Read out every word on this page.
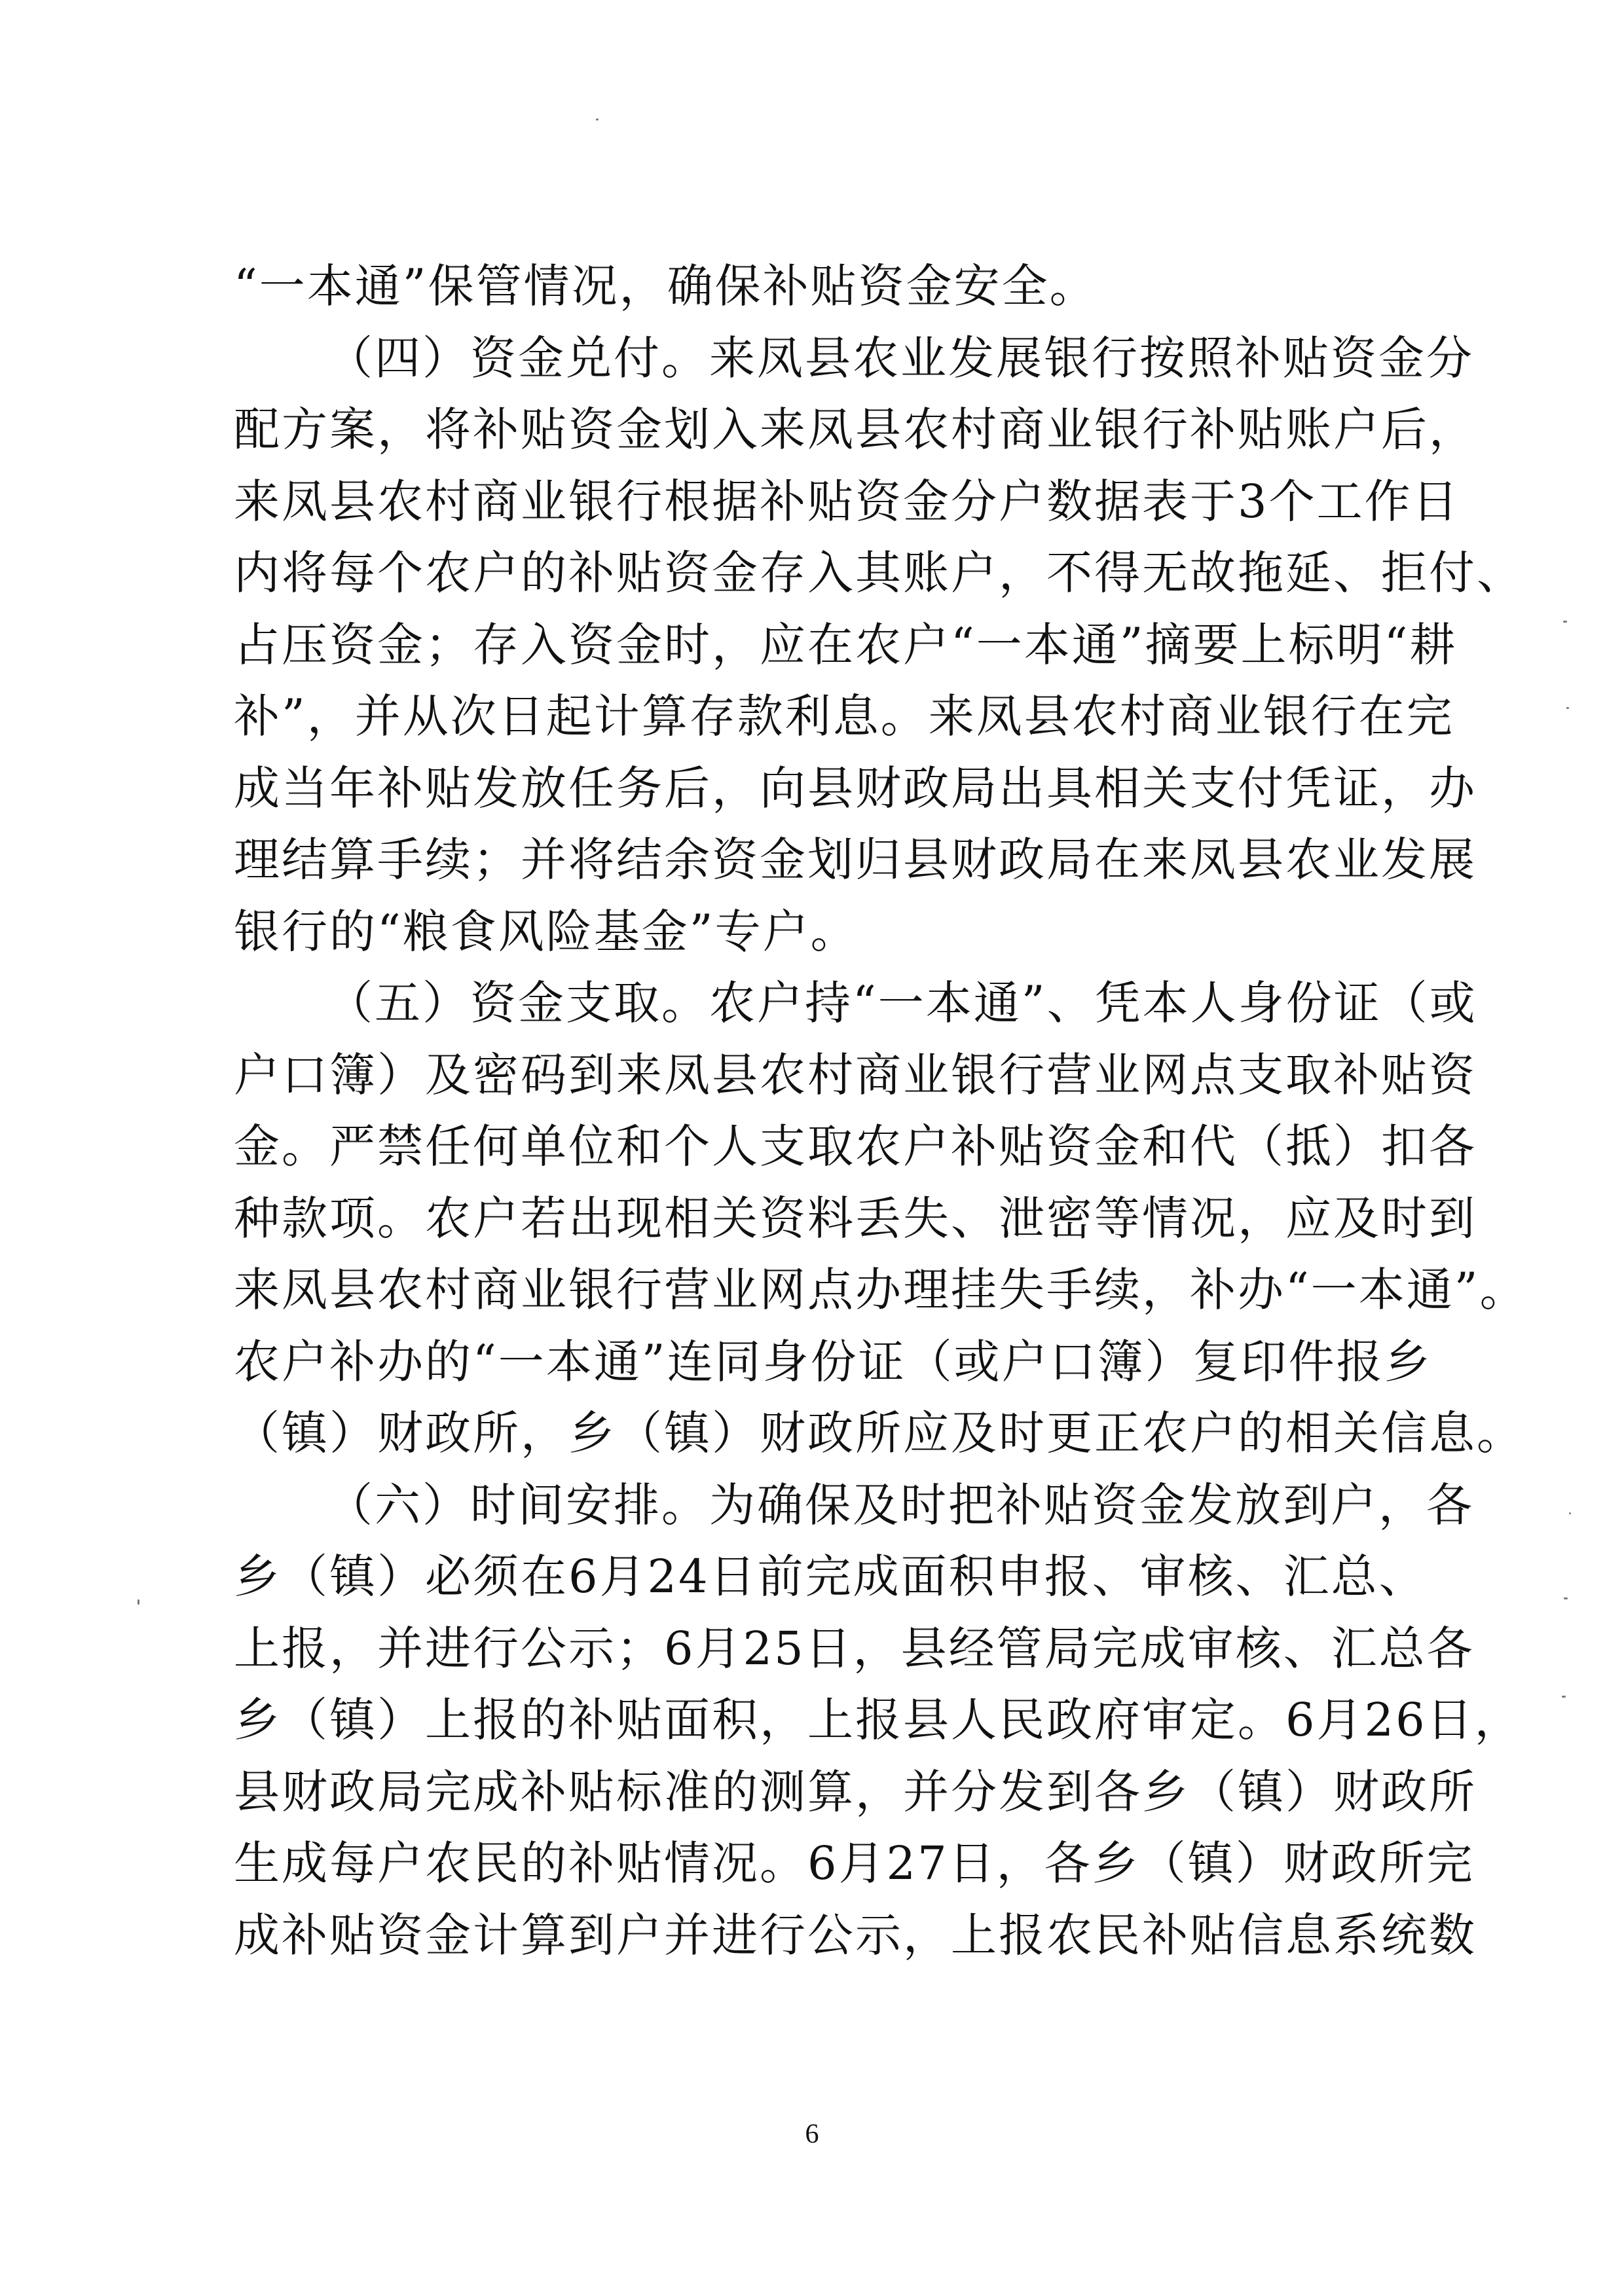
“一本通”保管情况，确保补贴资金安全。
（四）资金兑付。来凤县农业发展银行按照补贴资金分
配方案，将补贴资金划入来凤县农村商业银行补贴账户后，
来凤县农村商业银行根据补贴资金分户数据表于3个工作日
内将每个农户的补贴资金存入其账户，不得无故拖延、拒付、
占压资金；存入资金时，应在农户“一本通”摘要上标明“耕
补”，并从次日起计算存款利息。来凤县农村商业银行在完
成当年补贴发放任务后，向县财政局出具相关支付凭证，办
理结算手续；并将结余资金划归县财政局在来凤县农业发展
银行的“粮食风险基金”专户。
（五）资金支取。农户持“一本通”、凭本人身份证（或
户口簿）及密码到来凤县农村商业银行营业网点支取补贴资
金。严禁任何单位和个人支取农户补贴资金和代（抵）扣各
种款项。农户若出现相关资料丢失、泄密等情况，应及时到
来凤县农村商业银行营业网点办理挂失手续，补办“一本通”。
农户补办的“一本通”连同身份证（或户口簿）复印件报乡
（镇）财政所，乡（镇）财政所应及时更正农户的相关信息。
（六）时间安排。为确保及时把补贴资金发放到户，各
乡（镇）必须在6月24日前完成面积申报、审核、汇总、
上报，并进行公示；6月25日，县经管局完成审核、汇总各
乡（镇）上报的补贴面积，上报县人民政府审定。6月26日，
县财政局完成补贴标准的测算，并分发到各乡（镇）财政所
生成每户农民的补贴情况。6月27日，各乡（镇）财政所完
成补贴资金计算到户并进行公示，上报农民补贴信息系统数
6
